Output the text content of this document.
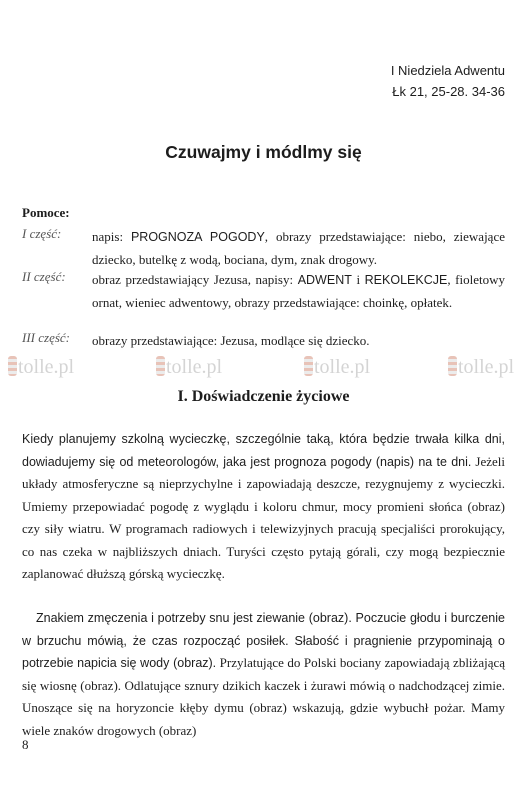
I Niedziela Adwentu
Łk 21, 25-28. 34-36
Czuwajmy i módlmy się
Pomoce:
I część: napis: PROGNOZA POGODY, obrazy przedstawiające: niebo, ziewające dziecko, butelkę z wodą, bociana, dym, znak drogowy.
II część: obraz przedstawiający Jezusa, napisy: ADWENT i REKOLEKCJE, fioletowy ornat, wieniec adwentowy, obrazy przedstawiające: choinkę, opłatek.
III część: obrazy przedstawiające: Jezusa, modlące się dziecko.
tolle.pl	tolle.pl	tolle.pl	tolle.pl
I. Doświadczenie życiowe

Kiedy planujemy szkolną wycieczkę, szczególnie taką, która będzie trwała kilka dni, dowiadujemy się od meteorologów, jaka jest prognoza pogody (napis) na te dni. Jeżeli układy atmosferyczne są nieprzychylne i zapowiadają deszcze, rezygnujemy z wycieczki. Umiemy przepowiadać pogodę z wyglądu i koloru chmur, mocy promieni słońca (obraz) czy siły wiatru. W programach radiowych i telewizyjnych pracują specjaliści prorokujący, co nas czeka w najbliższych dniach. Turyści często pytają górali, czy mogą bezpiecznie zaplanować dłuższą górską wycieczkę.

Znakiem zmęczenia i potrzeby snu jest ziewanie (obraz). Poczucie głodu i burczenie w brzuchu mówią, że czas rozpocząć posiłek. Słabość i pragnienie przypominają o potrzebie napicia się wody (obraz). Przylatujące do Polski bociany zapowiadają zbliżającą się wiosnę (obraz). Odlatujące sznury dzikich kaczek i żurawi mówią o nadchodzącej zimie. Unoszące się na horyzoncie kłęby dymu (obraz) wskazują, gdzie wybuchł pożar. Mamy wiele znaków drogowych (obraz)

8
